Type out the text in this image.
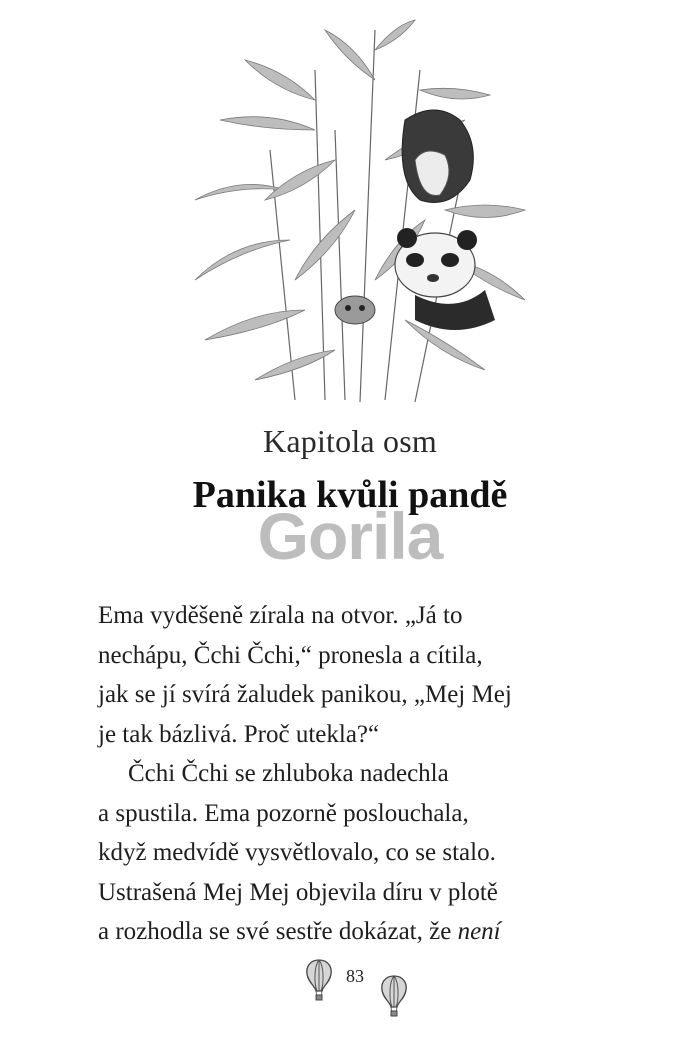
Kapitola osm
Panika kvůli pandě
Gorila

Ema vyděšeně zírala na otvor. „Já to

nechápu, Čchi Čchi,“ pronesla a cítila,

jak se jí svírá žaludek panikou, „Mej Mej

je tak bázlivá. Proč utekla?“

Čchi Čchi se zhluboka nadechla

a spustila. Ema pozorně poslouchala,

když medvídě vysvětlovalo, co se stalo.

Ustrašená Mej Mej objevila díru v plotě

a rozhodla se své sestře dokázat, že není

83
